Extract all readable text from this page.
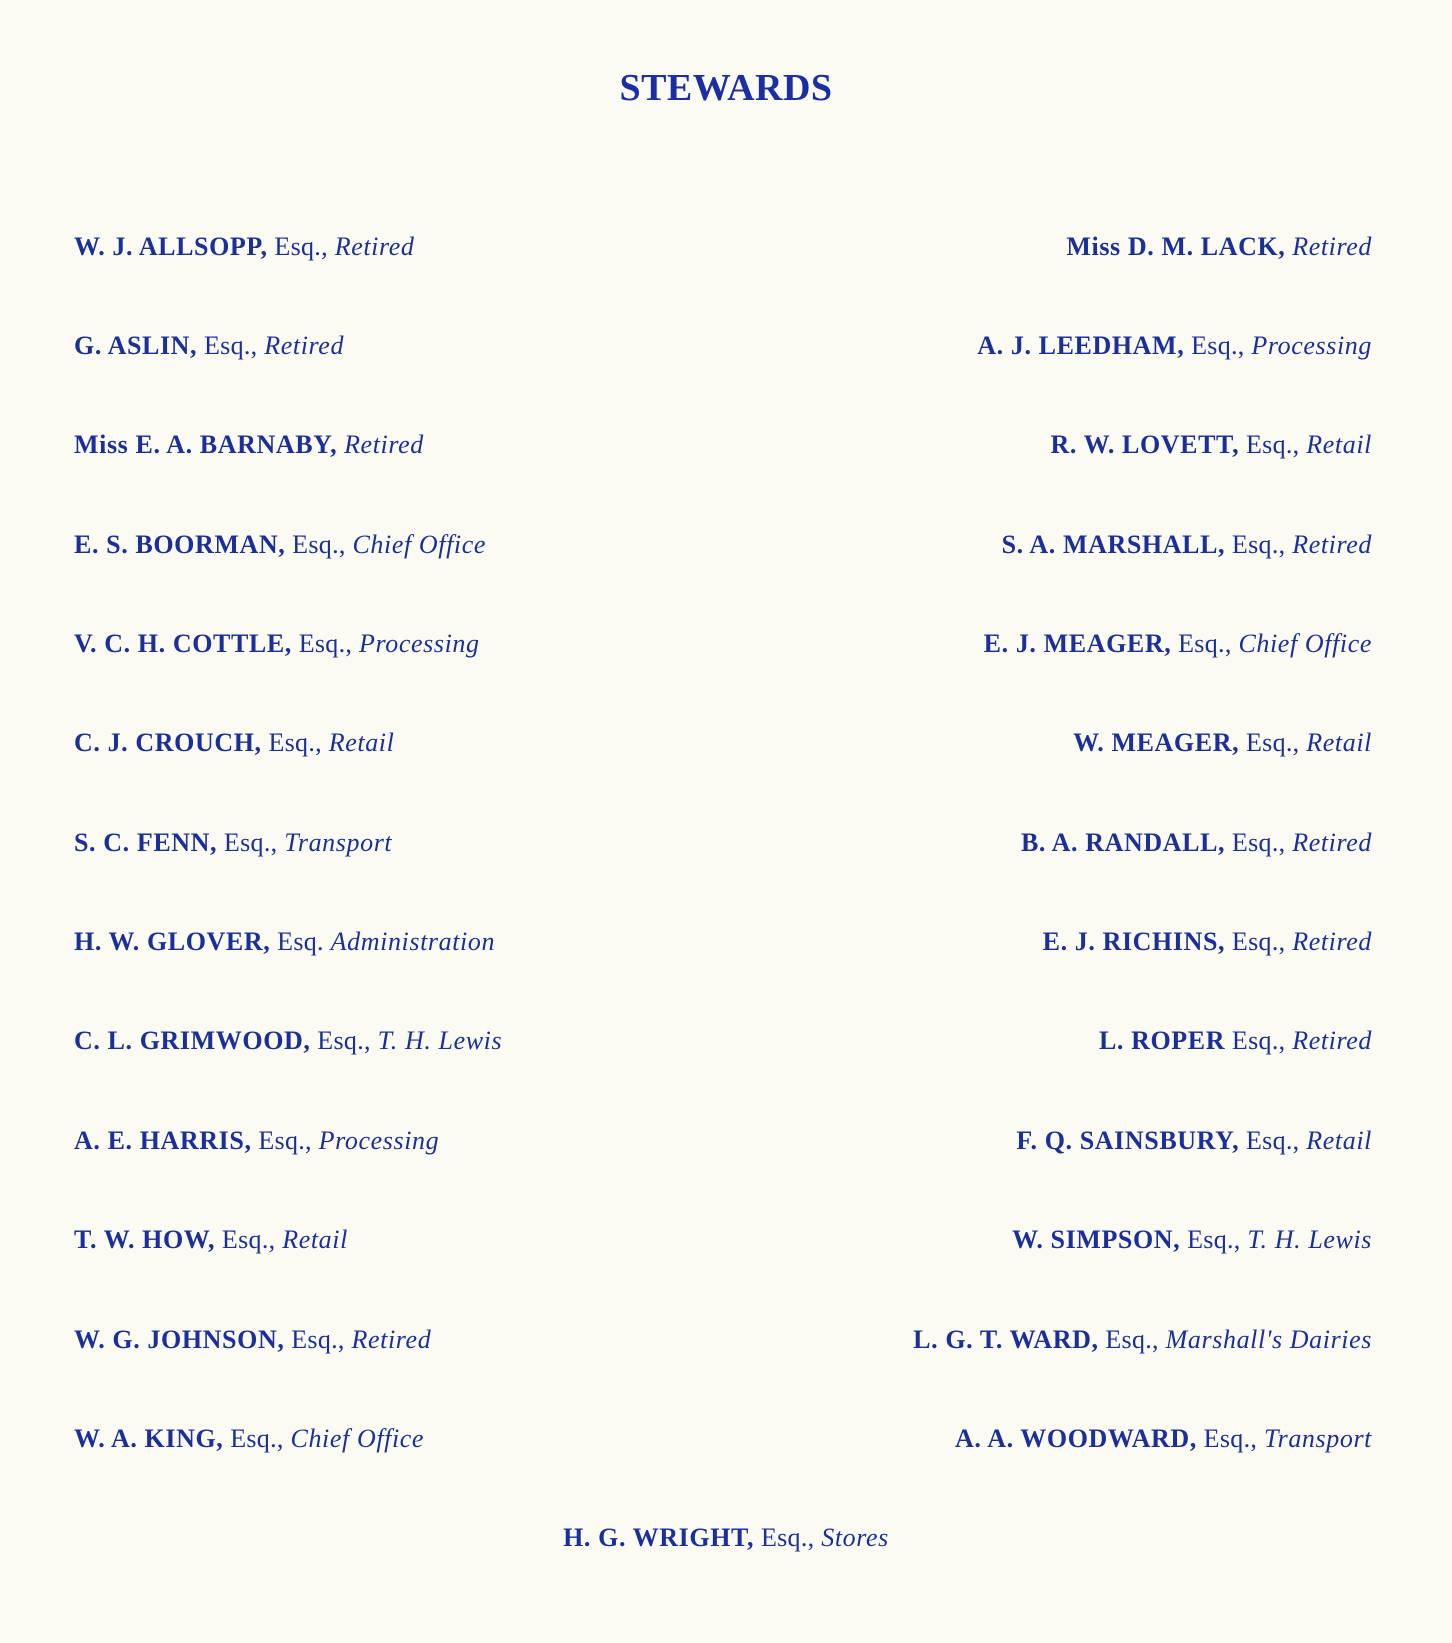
STEWARDS
W. J. ALLSOPP, Esq., Retired
G. ASLIN, Esq., Retired
Miss E. A. BARNABY, Retired
E. S. BOORMAN, Esq., Chief Office
V. C. H. COTTLE, Esq., Processing
C. J. CROUCH, Esq., Retail
S. C. FENN, Esq., Transport
H. W. GLOVER, Esq. Administration
C. L. GRIMWOOD, Esq., T. H. Lewis
A. E. HARRIS, Esq., Processing
T. W. HOW, Esq., Retail
W. G. JOHNSON, Esq., Retired
W. A. KING, Esq., Chief Office
Miss D. M. LACK, Retired
A. J. LEEDHAM, Esq., Processing
R. W. LOVETT, Esq., Retail
S. A. MARSHALL, Esq., Retired
E. J. MEAGER, Esq., Chief Office
W. MEAGER, Esq., Retail
B. A. RANDALL, Esq., Retired
E. J. RICHINS, Esq., Retired
L. ROPER Esq., Retired
F. Q. SAINSBURY, Esq., Retail
W. SIMPSON, Esq., T. H. Lewis
L. G. T. WARD, Esq., Marshall's Dairies
A. A. WOODWARD, Esq., Transport
H. G. WRIGHT, Esq., Stores
